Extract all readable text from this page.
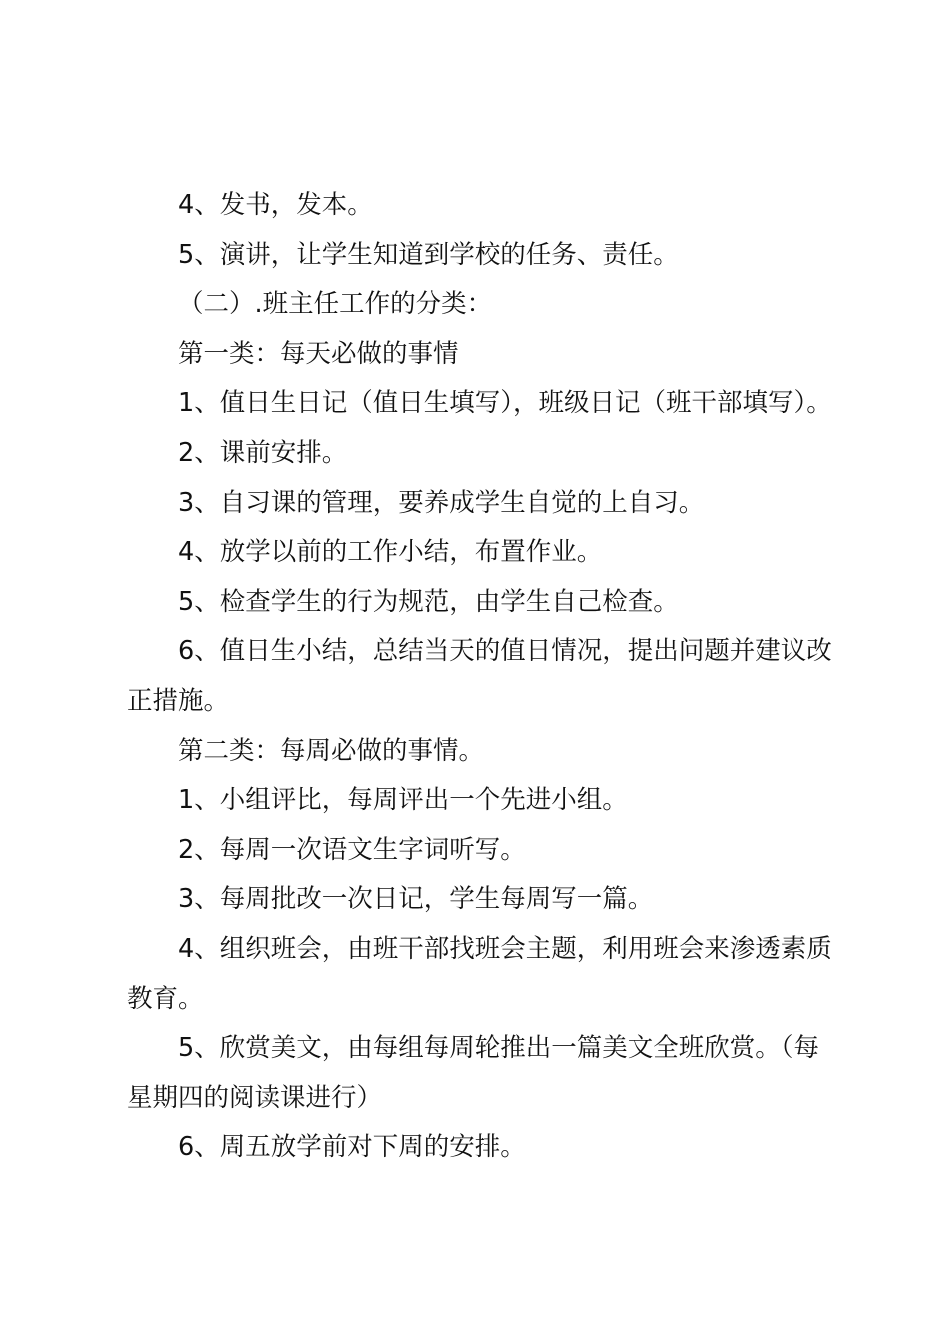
4、发书，发本。

5、演讲，让学生知道到学校的任务、责任。

（二）.班主任工作的分类：

第一类：每天必做的事情

1、值日生日记（值日生填写），班级日记（班干部填写）。

2、课前安排。

3、自习课的管理，要养成学生自觉的上自习。

4、放学以前的工作小结，布置作业。

5、检查学生的行为规范，由学生自己检查。

6、值日生小结，总结当天的值日情况，提出问题并建议改正措施。

第二类：每周必做的事情。

1、小组评比，每周评出一个先进小组。

2、每周一次语文生字词听写。

3、每周批改一次日记，学生每周写一篇。

4、组织班会，由班干部找班会主题，利用班会来渗透素质教育。

5、欣赏美文，由每组每周轮推出一篇美文全班欣赏。（每星期四的阅读课进行）

6、周五放学前对下周的安排。
